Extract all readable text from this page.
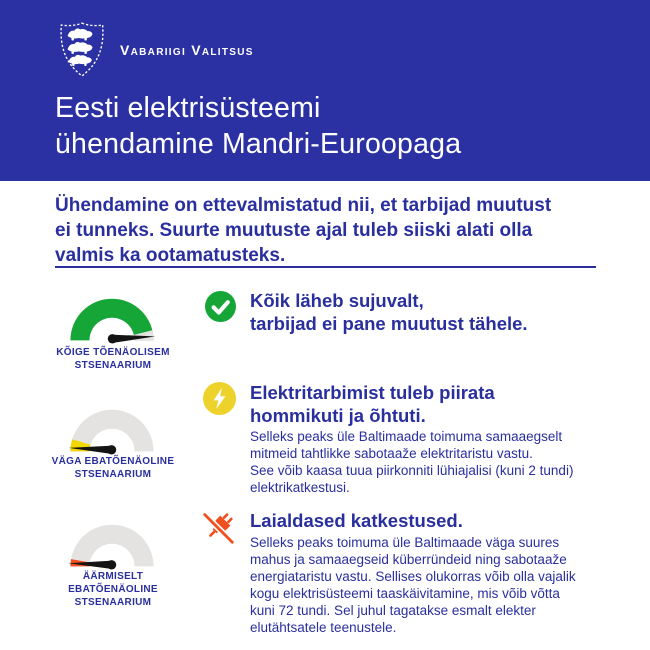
Vabariigi Valitsus
Eesti elektrisüsteemi
ühendamine Mandri-Euroopaga
Ühendamine on ettevalmistatud nii, et tarbijad muutust
ei tunneks. Suurte muutuste ajal tuleb siiski alati olla
valmis ka ootamatusteks.
KÕIGE TÕENÄOLISEM
STSENAARIUM
Kõik läheb sujuvalt,
tarbijad ei pane muutust tähele.
VÄGA EBATÕENÄOLINE
STSENAARIUM
Elektritarbimist tuleb piirata
hommikuti ja õhtuti.
Selleks peaks üle Baltimaade toimuma samaaegselt
mitmeid tahtlikke sabotaaže elektritaristu vastu.
See võib kaasa tuua piirkonniti lühiajalisi (kuni 2 tundi)
elektrikatkestusi.
ÄÄRMISELT
EBATÕENÄOLINE
STSENAARIUM
Laialdased katkestused.
Selleks peaks toimuma üle Baltimaade väga suures
mahus ja samaaegseid küberründeid ning sabotaaže
energiataristu vastu. Sellises olukorras võib olla vajalik
kogu elektrisüsteemi taaskäivitamine, mis võib võtta
kuni 72 tundi. Sel juhul tagatakse esmalt elekter
elutähtsatele teenustele.
